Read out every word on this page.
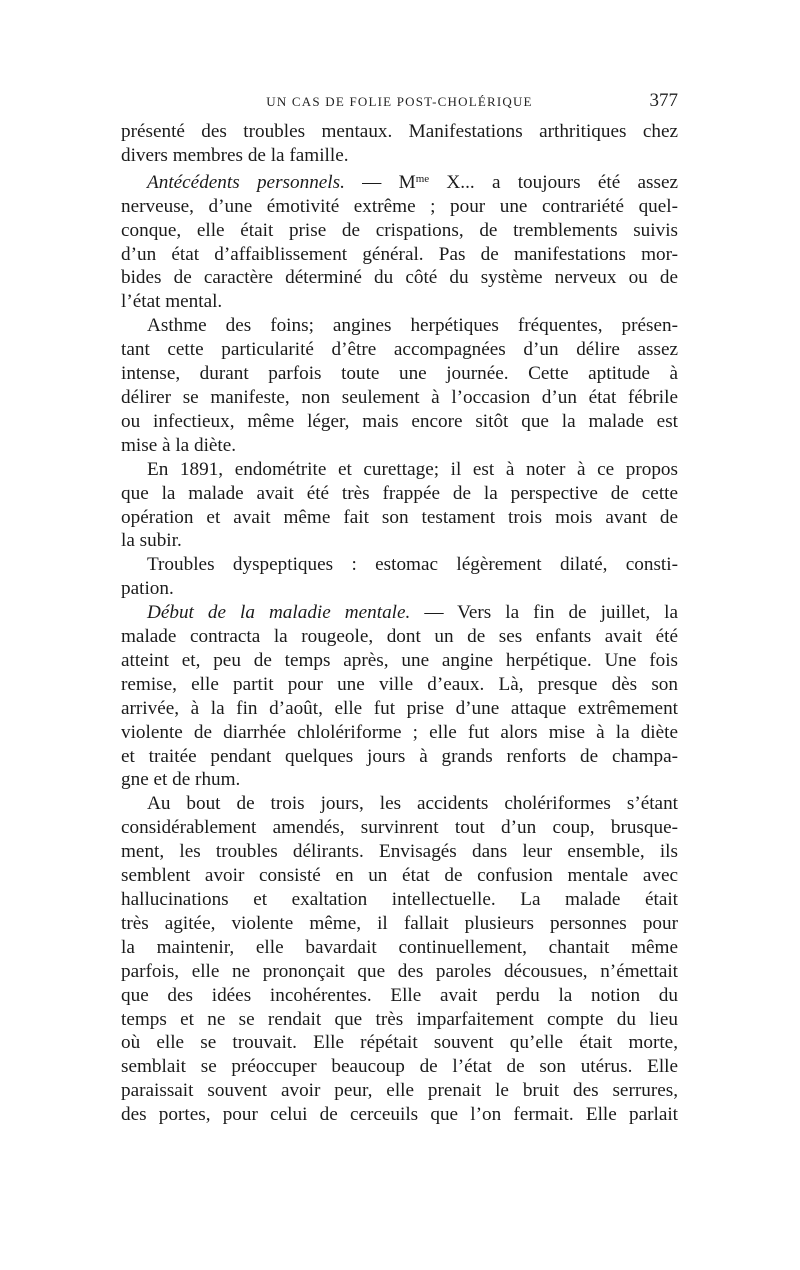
UN CAS DE FOLIE POST-CHOLÉRIQUE	377
présenté des troubles mentaux. Manifestations arthritiques chez
divers membres de la famille.
Antécédents personnels. — $M^{me}$ X... a toujours été assez
nerveuse, d’une émotivité extrême ; pour une contrariété quel-
conque, elle était prise de crispations, de tremblements suivis
d’un état d’affaiblissement général. Pas de manifestations mor-
bides de caractère déterminé du côté du système nerveux ou de
l’état mental.
Asthme des foins; angines herpétiques fréquentes, présen-
tant cette particularité d’être accompagnées d’un délire assez
intense, durant parfois toute une journée. Cette aptitude à
délirer se manifeste, non seulement à l’occasion d’un état fébrile
ou infectieux, même léger, mais encore sitôt que la malade est
mise à la diète.
En 1891, endométrite et curettage; il est à noter à ce propos
que la malade avait été très frappée de la perspective de cette
opération et avait même fait son testament trois mois avant de
la subir.
Troubles dyspeptiques : estomac légèrement dilaté, consti-
pation.
Début de la maladie mentale. — Vers la fin de juillet, la
malade contracta la rougeole, dont un de ses enfants avait été
atteint et, peu de temps après, une angine herpétique. Une fois
remise, elle partit pour une ville d’eaux. Là, presque dès son
arrivée, à la fin d’août, elle fut prise d’une attaque extrêmement
violente de diarrhée chlolériforme ; elle fut alors mise à la diète
et traitée pendant quelques jours à grands renforts de champa-
gne et de rhum.
Au bout de trois jours, les accidents cholériformes s’étant
considérablement amendés, survinrent tout d’un coup, brusque-
ment, les troubles délirants. Envisagés dans leur ensemble, ils
semblent avoir consisté en un état de confusion mentale avec
hallucinations et exaltation intellectuelle. La malade était
très agitée, violente même, il fallait plusieurs personnes pour
la maintenir, elle bavardait continuellement, chantait même
parfois, elle ne prononçait que des paroles décousues, n’émettait
que des idées incohérentes. Elle avait perdu la notion du
temps et ne se rendait que très imparfaitement compte du lieu
où elle se trouvait. Elle répétait souvent qu’elle était morte,
semblait se préoccuper beaucoup de l’état de son utérus. Elle
paraissait souvent avoir peur, elle prenait le bruit des serrures,
des portes, pour celui de cerceuils que l’on fermait. Elle parlait
